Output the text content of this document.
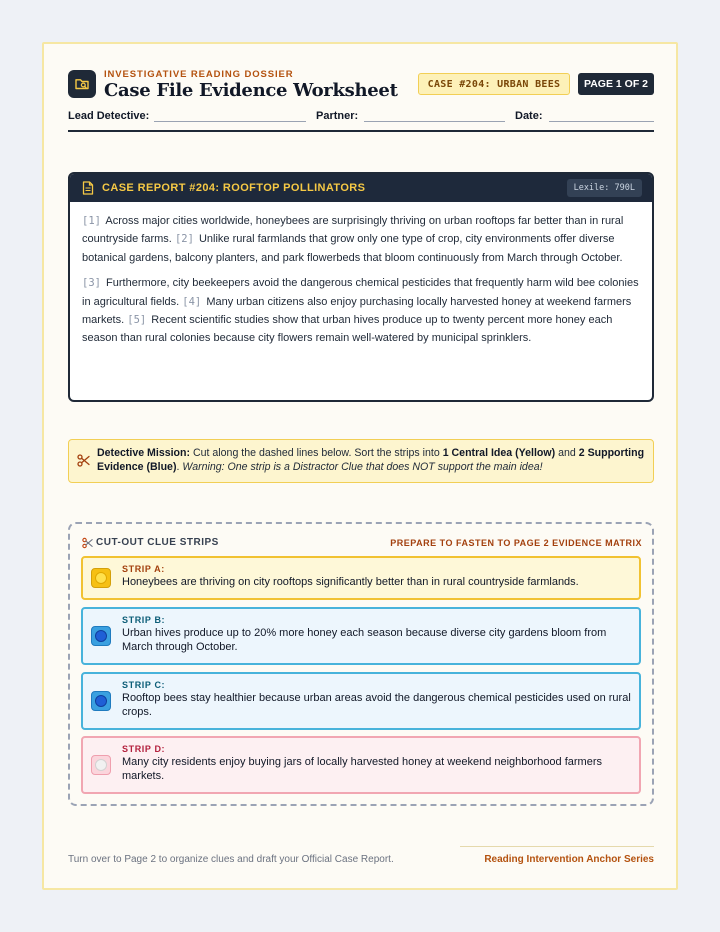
INVESTIGATIVE READING DOSSIER
Case File Evidence Worksheet	CASE #204: URBAN BEES	PAGE 1 OF 2
Lead Detective:	Partner:	Date:
CASE REPORT #204: ROOFTOP POLLINATORS	Lexile: 790L

[1] Across major cities worldwide, honeybees are surprisingly thriving on urban rooftops far better than in rural countryside farms. [2] Unlike rural farmlands that grow only one type of crop, city environments offer diverse botanical gardens, balcony planters, and park flowerbeds that bloom continuously from March through October.

[3] Furthermore, city beekeepers avoid the dangerous chemical pesticides that frequently harm wild bee colonies in agricultural fields. [4] Many urban citizens also enjoy purchasing locally harvested honey at weekend farmers markets. [5] Recent scientific studies show that urban hives produce up to twenty percent more honey each season than rural colonies because city flowers remain well-watered by municipal sprinklers.

Detective Mission: Cut along the dashed lines below. Sort the strips into 1 Central Idea (Yellow) and 2 Supporting Evidence (Blue). Warning: One strip is a Distractor Clue that does NOT support the main idea!
CUT-OUT CLUE STRIPS	PREPARE TO FASTEN TO PAGE 2 EVIDENCE MATRIX
STRIP A:
Honeybees are thriving on city rooftops significantly better than in rural countryside farmlands.
STRIP B:
Urban hives produce up to 20% more honey each season because diverse city gardens bloom from March through October.
STRIP C:
Rooftop bees stay healthier because urban areas avoid the dangerous chemical pesticides used on rural crops.
STRIP D:
Many city residents enjoy buying jars of locally harvested honey at weekend neighborhood farmers markets.
Turn over to Page 2 to organize clues and draft your Official Case Report.	Reading Intervention Anchor Series
